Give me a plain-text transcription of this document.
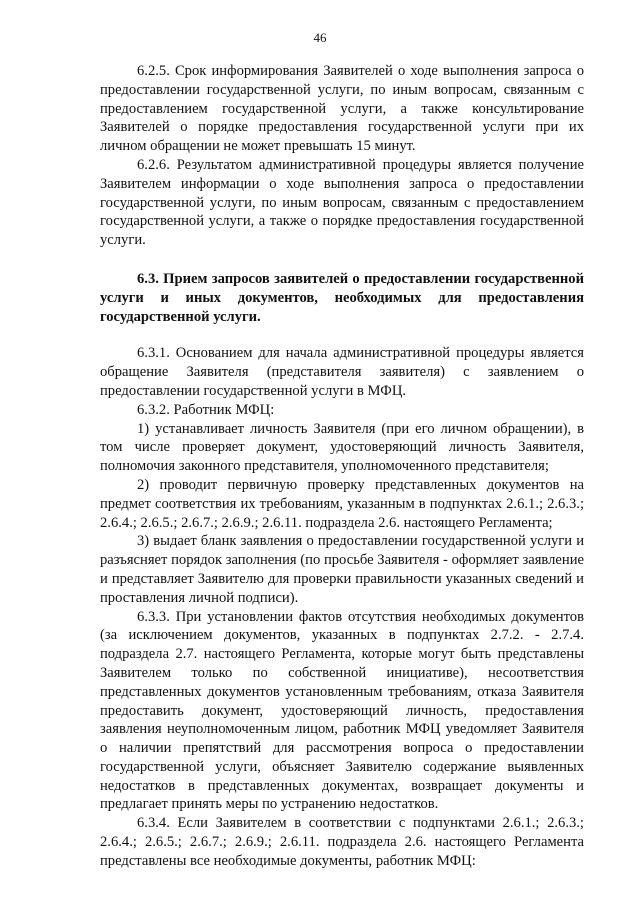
46

6.2.5. Срок информирования Заявителей о ходе выполнения запроса о предоставлении государственной услуги, по иным вопросам, связанным с предоставлением государственной услуги, а также консультирование Заявителей о порядке предоставления государственной услуги при их личном обращении не может превышать 15 минут.

6.2.6. Результатом административной процедуры является получение Заявителем информации о ходе выполнения запроса о предоставлении государственной услуги, по иным вопросам, связанным с предоставлением государственной услуги, а также о порядке предоставления государственной услуги.

6.3. Прием запросов заявителей о предоставлении государственной услуги и иных документов, необходимых для предоставления государственной услуги.

6.3.1. Основанием для начала административной процедуры является обращение Заявителя (представителя заявителя) с заявлением о предоставлении государственной услуги в МФЦ.

6.3.2. Работник МФЦ:

1) устанавливает личность Заявителя (при его личном обращении), в том числе проверяет документ, удостоверяющий личность Заявителя, полномочия законного представителя, уполномоченного представителя;

2) проводит первичную проверку представленных документов на предмет соответствия их требованиям, указанным в подпунктах 2.6.1.; 2.6.3.; 2.6.4.; 2.6.5.; 2.6.7.; 2.6.9.; 2.6.11. подраздела 2.6. настоящего Регламента;

3) выдает бланк заявления о предоставлении государственной услуги и разъясняет порядок заполнения (по просьбе Заявителя - оформляет заявление и представляет Заявителю для проверки правильности указанных сведений и проставления личной подписи).

6.3.3. При установлении фактов отсутствия необходимых документов (за исключением документов, указанных в подпунктах 2.7.2. - 2.7.4. подраздела 2.7. настоящего Регламента, которые могут быть представлены Заявителем только по собственной инициативе), несоответствия представленных документов установленным требованиям, отказа Заявителя предоставить документ, удостоверяющий личность, предоставления заявления неуполномоченным лицом, работник МФЦ уведомляет Заявителя о наличии препятствий для рассмотрения вопроса о предоставлении государственной услуги, объясняет Заявителю содержание выявленных недостатков в представленных документах, возвращает документы и предлагает принять меры по устранению недостатков.

6.3.4. Если Заявителем в соответствии с подпунктами 2.6.1.; 2.6.3.; 2.6.4.; 2.6.5.; 2.6.7.; 2.6.9.; 2.6.11. подраздела 2.6. настоящего Регламента представлены все необходимые документы, работник МФЦ:
